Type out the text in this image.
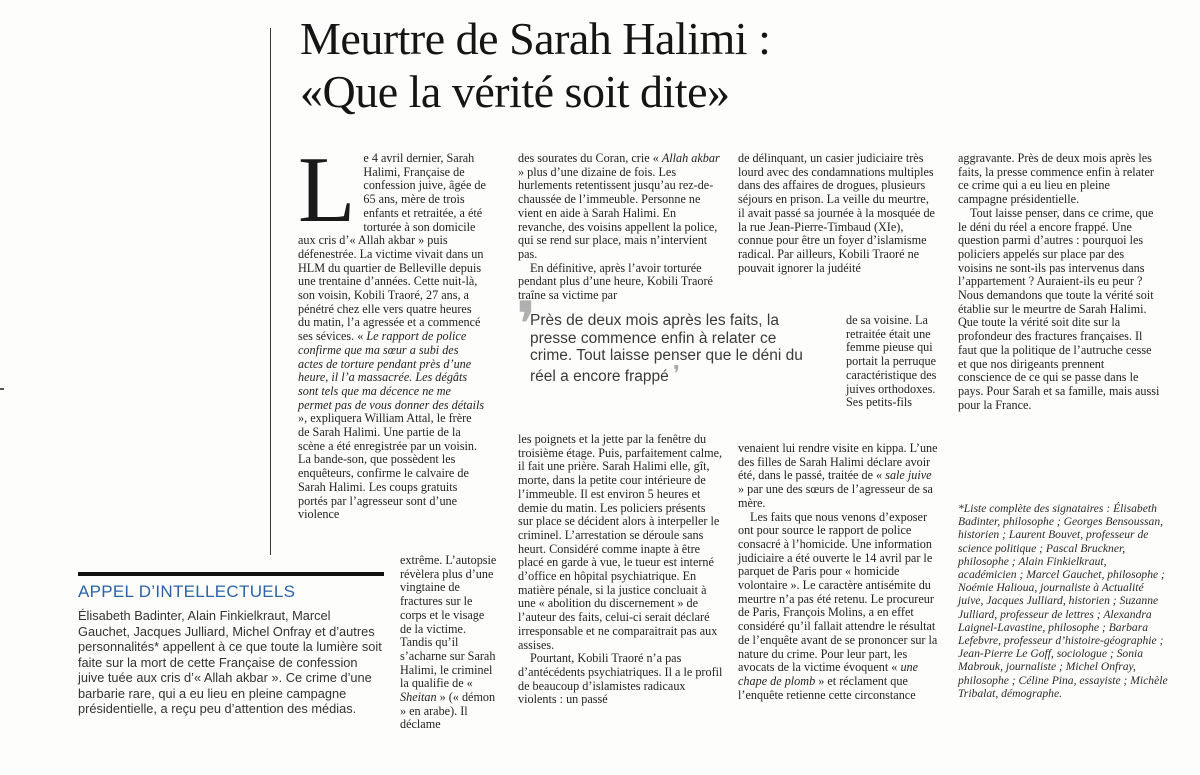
Meurtre de Sarah Halimi :
«Que la vérité soit dite»

Le 4 avril dernier, Sarah Halimi, Française de confession juive, âgée de 65 ans, mère de trois enfants et retraitée, a été torturée à son domicile aux cris d’« Allah akbar » puis défenestrée. La victime vivait dans un HLM du quartier de Belleville depuis une trentaine d’années. Cette nuit-là, son voisin, Kobili Traoré, 27 ans, a pénétré chez elle vers quatre heures du matin, l’a agressée et a commencé ses sévices. « Le rapport de police confirme que ma sœur a subi des actes de torture pendant près d’une heure, il l’a massacrée. Les dégâts sont tels que ma décence ne me permet pas de vous donner des détails », expliquera William Attal, le frère de Sarah Halimi. Une partie de la scène a été enregistrée par un voisin. La bande-son, que possèdent les enquêteurs, confirme le calvaire de Sarah Halimi. Les coups gratuits portés par l’agresseur sont d’une violence

extrême. L’autopsie révèlera plus d’une vingtaine de fractures sur le corps et le visage de la victime. Tandis qu’il s’acharne sur Sarah Halimi, le criminel la qualifie de « Sheitan » (« démon » en arabe). Il déclame

des sourates du Coran, crie « Allah akbar » plus d’une dizaine de fois. Les hurlements retentissent jusqu’au rez-de-chaussée de l’immeuble. Personne ne vient en aide à Sarah Halimi. En revanche, des voisins appellent la police, qui se rend sur place, mais n’intervient pas.

En définitive, après l’avoir torturée pendant plus d’une heure, Kobili Traoré traîne sa victime par

❜
Près de deux mois après les faits, la presse commence enfin à relater ce crime. Tout laisse penser que le déni du réel a encore frappé ❜

les poignets et la jette par la fenêtre du troisième étage. Puis, parfaitement calme, il fait une prière. Sarah Halimi elle, gît, morte, dans la petite cour intérieure de l’immeuble. Il est environ 5 heures et demie du matin. Les policiers présents sur place se décident alors à interpeller le criminel. L’arrestation se déroule sans heurt. Considéré comme inapte à être placé en garde à vue, le tueur est interné d’office en hôpital psychiatrique. En matière pénale, si la justice concluait à une « abolition du discernement » de l’auteur des faits, celui-ci serait déclaré irresponsable et ne comparaitrait pas aux assises.

Pourtant, Kobili Traoré n’a pas d’antécédents psychiatriques. Il a le profil de beaucoup d’islamistes radicaux violents : un passé

de délinquant, un casier judiciaire très lourd avec des condamnations multiples dans des affaires de drogues, plusieurs séjours en prison. La veille du meurtre, il avait passé sa journée à la mosquée de la rue Jean-Pierre-Timbaud (XIe), connue pour être un foyer d’islamisme radical. Par ailleurs, Kobili Traoré ne pouvait ignorer la judéité

de sa voisine. La retraitée était une femme pieuse qui portait la perruque caractéristique des juives orthodoxes. Ses petits-fils

venaient lui rendre visite en kippa. L’une des filles de Sarah Halimi déclare avoir été, dans le passé, traitée de « sale juive » par une des sœurs de l’agresseur de sa mère.

Les faits que nous venons d’exposer ont pour source le rapport de police consacré à l’homicide. Une information judiciaire a été ouverte le 14 avril par le parquet de Paris pour « homicide volontaire ». Le caractère antisémite du meurtre n’a pas été retenu. Le procureur de Paris, François Molins, a en effet considéré qu’il fallait attendre le résultat de l’enquête avant de se prononcer sur la nature du crime. Pour leur part, les avocats de la victime évoquent « une chape de plomb » et réclament que l’enquête retienne cette circonstance

aggravante. Près de deux mois après les faits, la presse commence enfin à relater ce crime qui a eu lieu en pleine campagne présidentielle.

Tout laisse penser, dans ce crime, que le déni du réel a encore frappé. Une question parmi d’autres : pourquoi les policiers appelés sur place par des voisins ne sont-ils pas intervenus dans l’appartement ? Auraient-ils eu peur ? Nous demandons que toute la vérité soit établie sur le meurtre de Sarah Halimi. Que toute la vérité soit dite sur la profondeur des fractures françaises. Il faut que la politique de l’autruche cesse et que nos dirigeants prennent conscience de ce qui se passe dans le pays. Pour Sarah et sa famille, mais aussi pour la France.

*Liste complète des signataires : Élisabeth Badinter, philosophe ; Georges Bensoussan, historien ; Laurent Bouvet, professeur de science politique ; Pascal Bruckner, philosophe ; Alain Finkielkraut, académicien ; Marcel Gauchet, philosophe ; Noémie Halioua, journaliste à Actualité juive, Jacques Julliard, historien ; Suzanne Julliard, professeur de lettres ; Alexandra Laignel-Lavastine, philosophe ; Barbara Lefebvre, professeur d’histoire-géographie ; Jean-Pierre Le Goff, sociologue ; Sonia Mabrouk, journaliste ; Michel Onfray, philosophe ; Céline Pina, essayiste ; Michèle Tribalat, démographe.

APPEL D’INTELLECTUELS

Élisabeth Badinter, Alain Finkielkraut, Marcel Gauchet, Jacques Julliard, Michel Onfray et d’autres personnalités* appellent à ce que toute la lumière soit faite sur la mort de cette Française de confession juive tuée aux cris d’« Allah akbar ». Ce crime d’une barbarie rare, qui a eu lieu en pleine campagne présidentielle, a reçu peu d’attention des médias.
